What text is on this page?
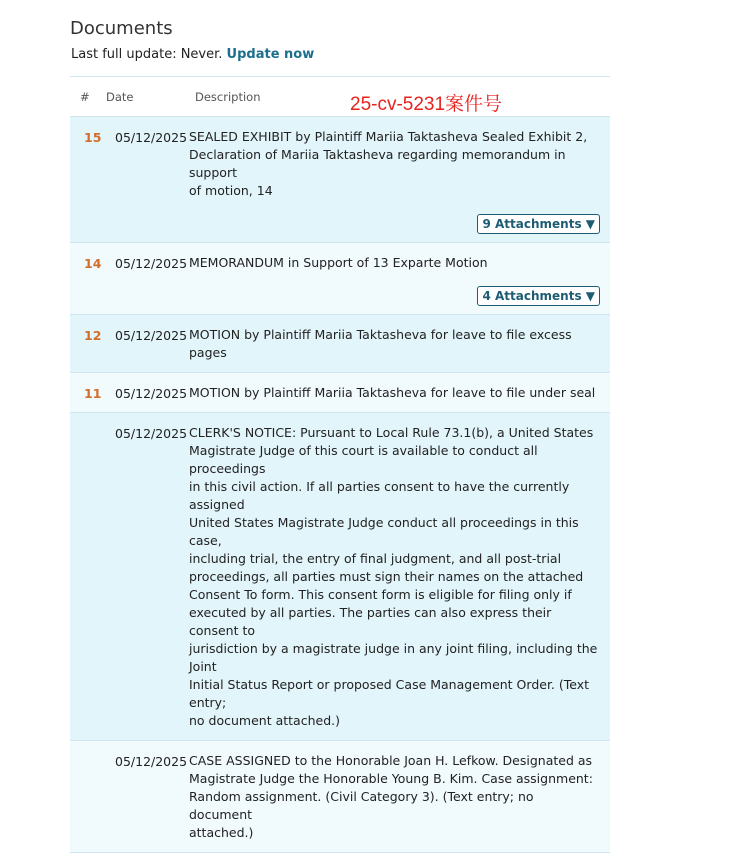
Documents
Last full update: Never. Update now
# Date	Description	25-cv-5231案件号
15 05/12/2025 SEALED EXHIBIT by Plaintiff Mariia Taktasheva Sealed Exhibit 2,
Declaration of Mariia Taktasheva regarding memorandum in support
of motion, 14
9 Attachments ▼
14 05/12/2025 MEMORANDUM in Support of 13 Exparte Motion
4 Attachments ▼
12 05/12/2025 MOTION by Plaintiff Mariia Taktasheva for leave to file excess pages
11 05/12/2025 MOTION by Plaintiff Mariia Taktasheva for leave to file under seal
05/12/2025 CLERK'S NOTICE: Pursuant to Local Rule 73.1(b), a United States
Magistrate Judge of this court is available to conduct all proceedings
in this civil action. If all parties consent to have the currently assigned
United States Magistrate Judge conduct all proceedings in this case,
including trial, the entry of final judgment, and all post-trial
proceedings, all parties must sign their names on the attached
Consent To form. This consent form is eligible for filing only if
executed by all parties. The parties can also express their consent to
jurisdiction by a magistrate judge in any joint filing, including the Joint
Initial Status Report or proposed Case Management Order. (Text entry;
no document attached.)
05/12/2025 CASE ASSIGNED to the Honorable Joan H. Lefkow. Designated as
Magistrate Judge the Honorable Young B. Kim. Case assignment:
Random assignment. (Civil Category 3). (Text entry; no document
attached.)
